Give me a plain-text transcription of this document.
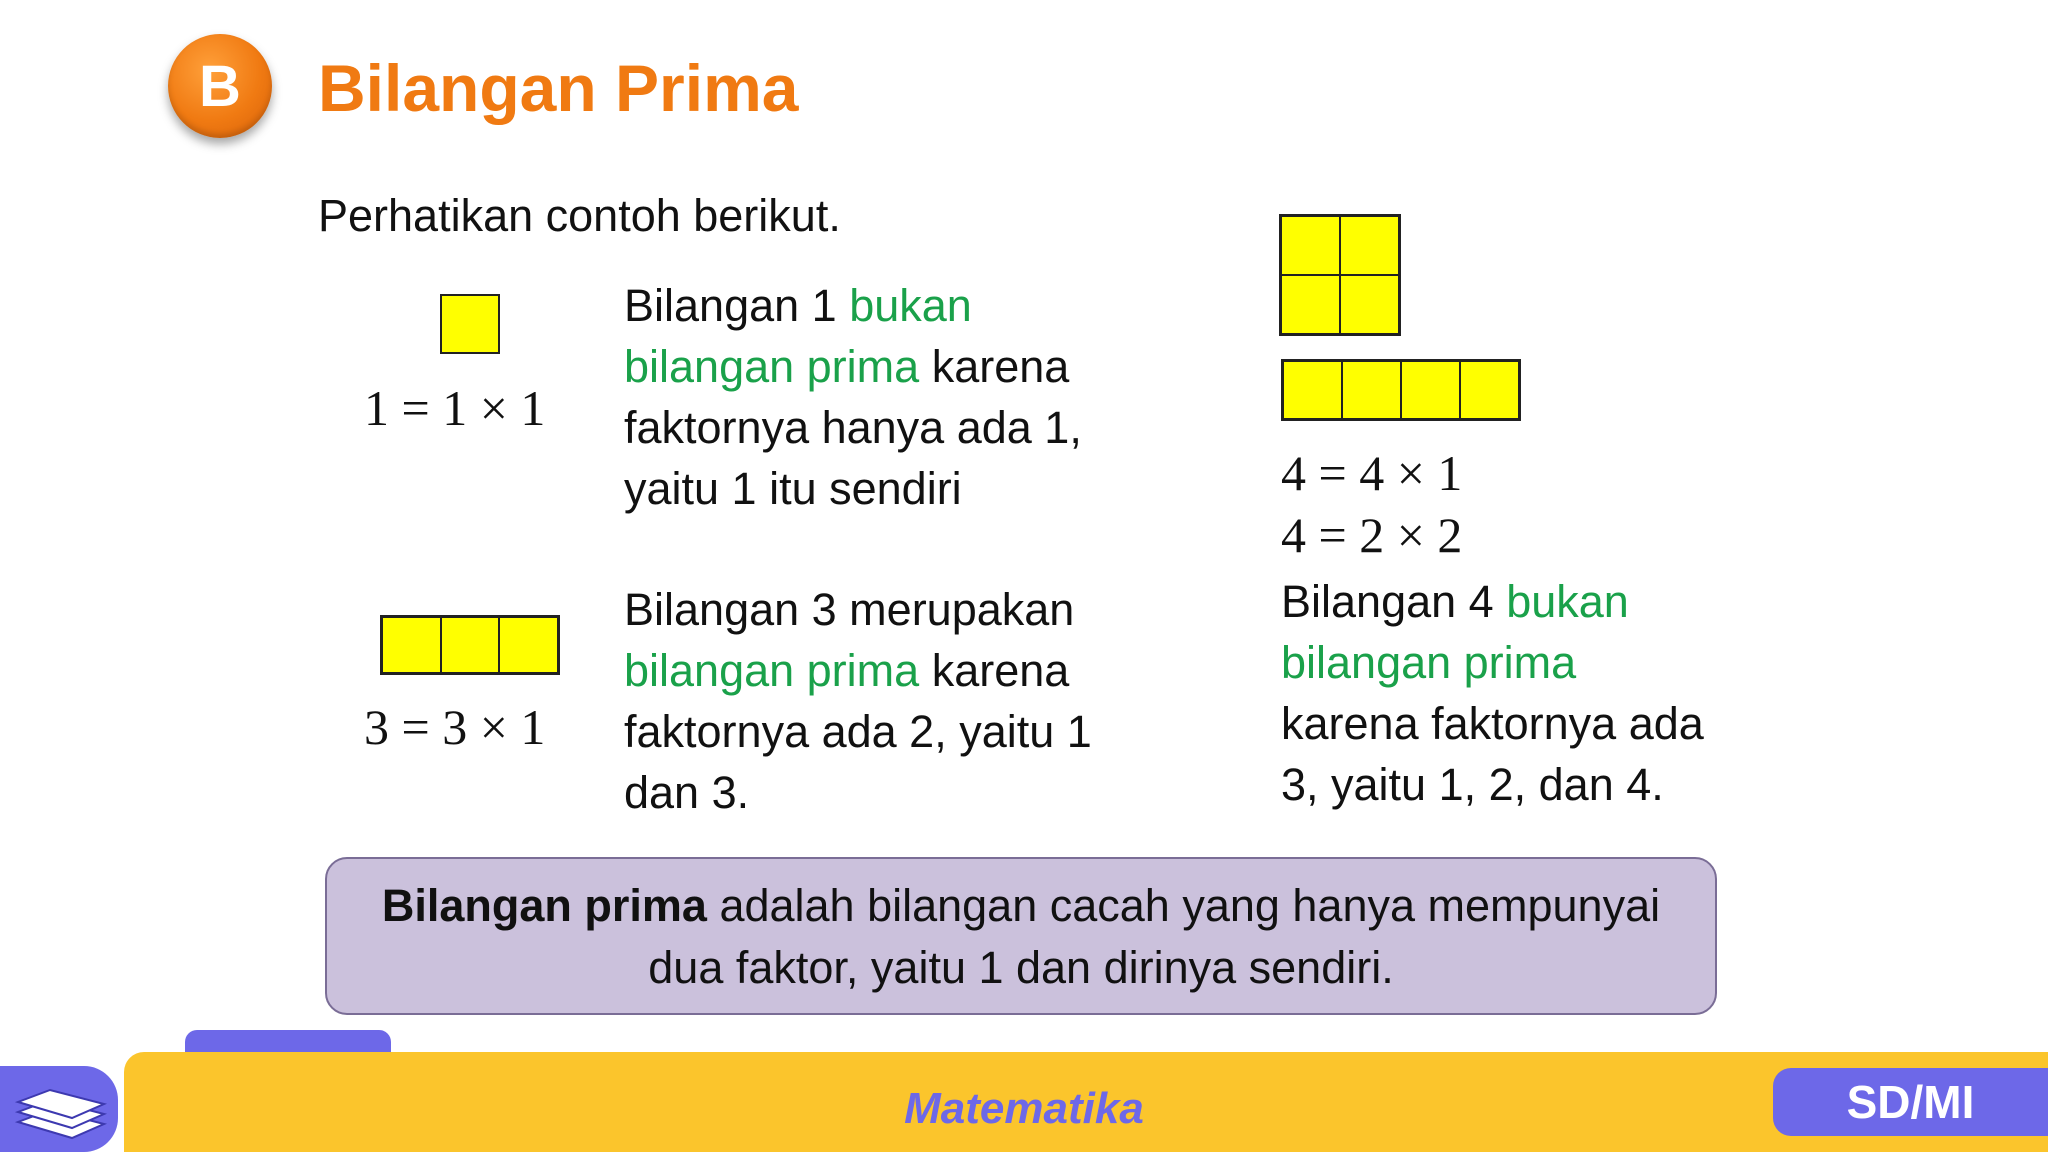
B Bilangan Prima
Perhatikan contoh berikut.
1 = 1 × 1
Bilangan 1 bukan
bilangan prima karena
faktornya hanya ada 1,
yaitu 1 itu sendiri
3 = 3 × 1
Bilangan 3 merupakan
bilangan prima karena
faktornya ada 2, yaitu 1
dan 3.
4 = 4 × 1
4 = 2 × 2
Bilangan 4 bukan
bilangan prima
karena faktornya ada
3, yaitu 1, 2, dan 4.
Bilangan prima adalah bilangan cacah yang hanya mempunyai
dua faktor, yaitu 1 dan dirinya sendiri.
Matematika	SD/MI
